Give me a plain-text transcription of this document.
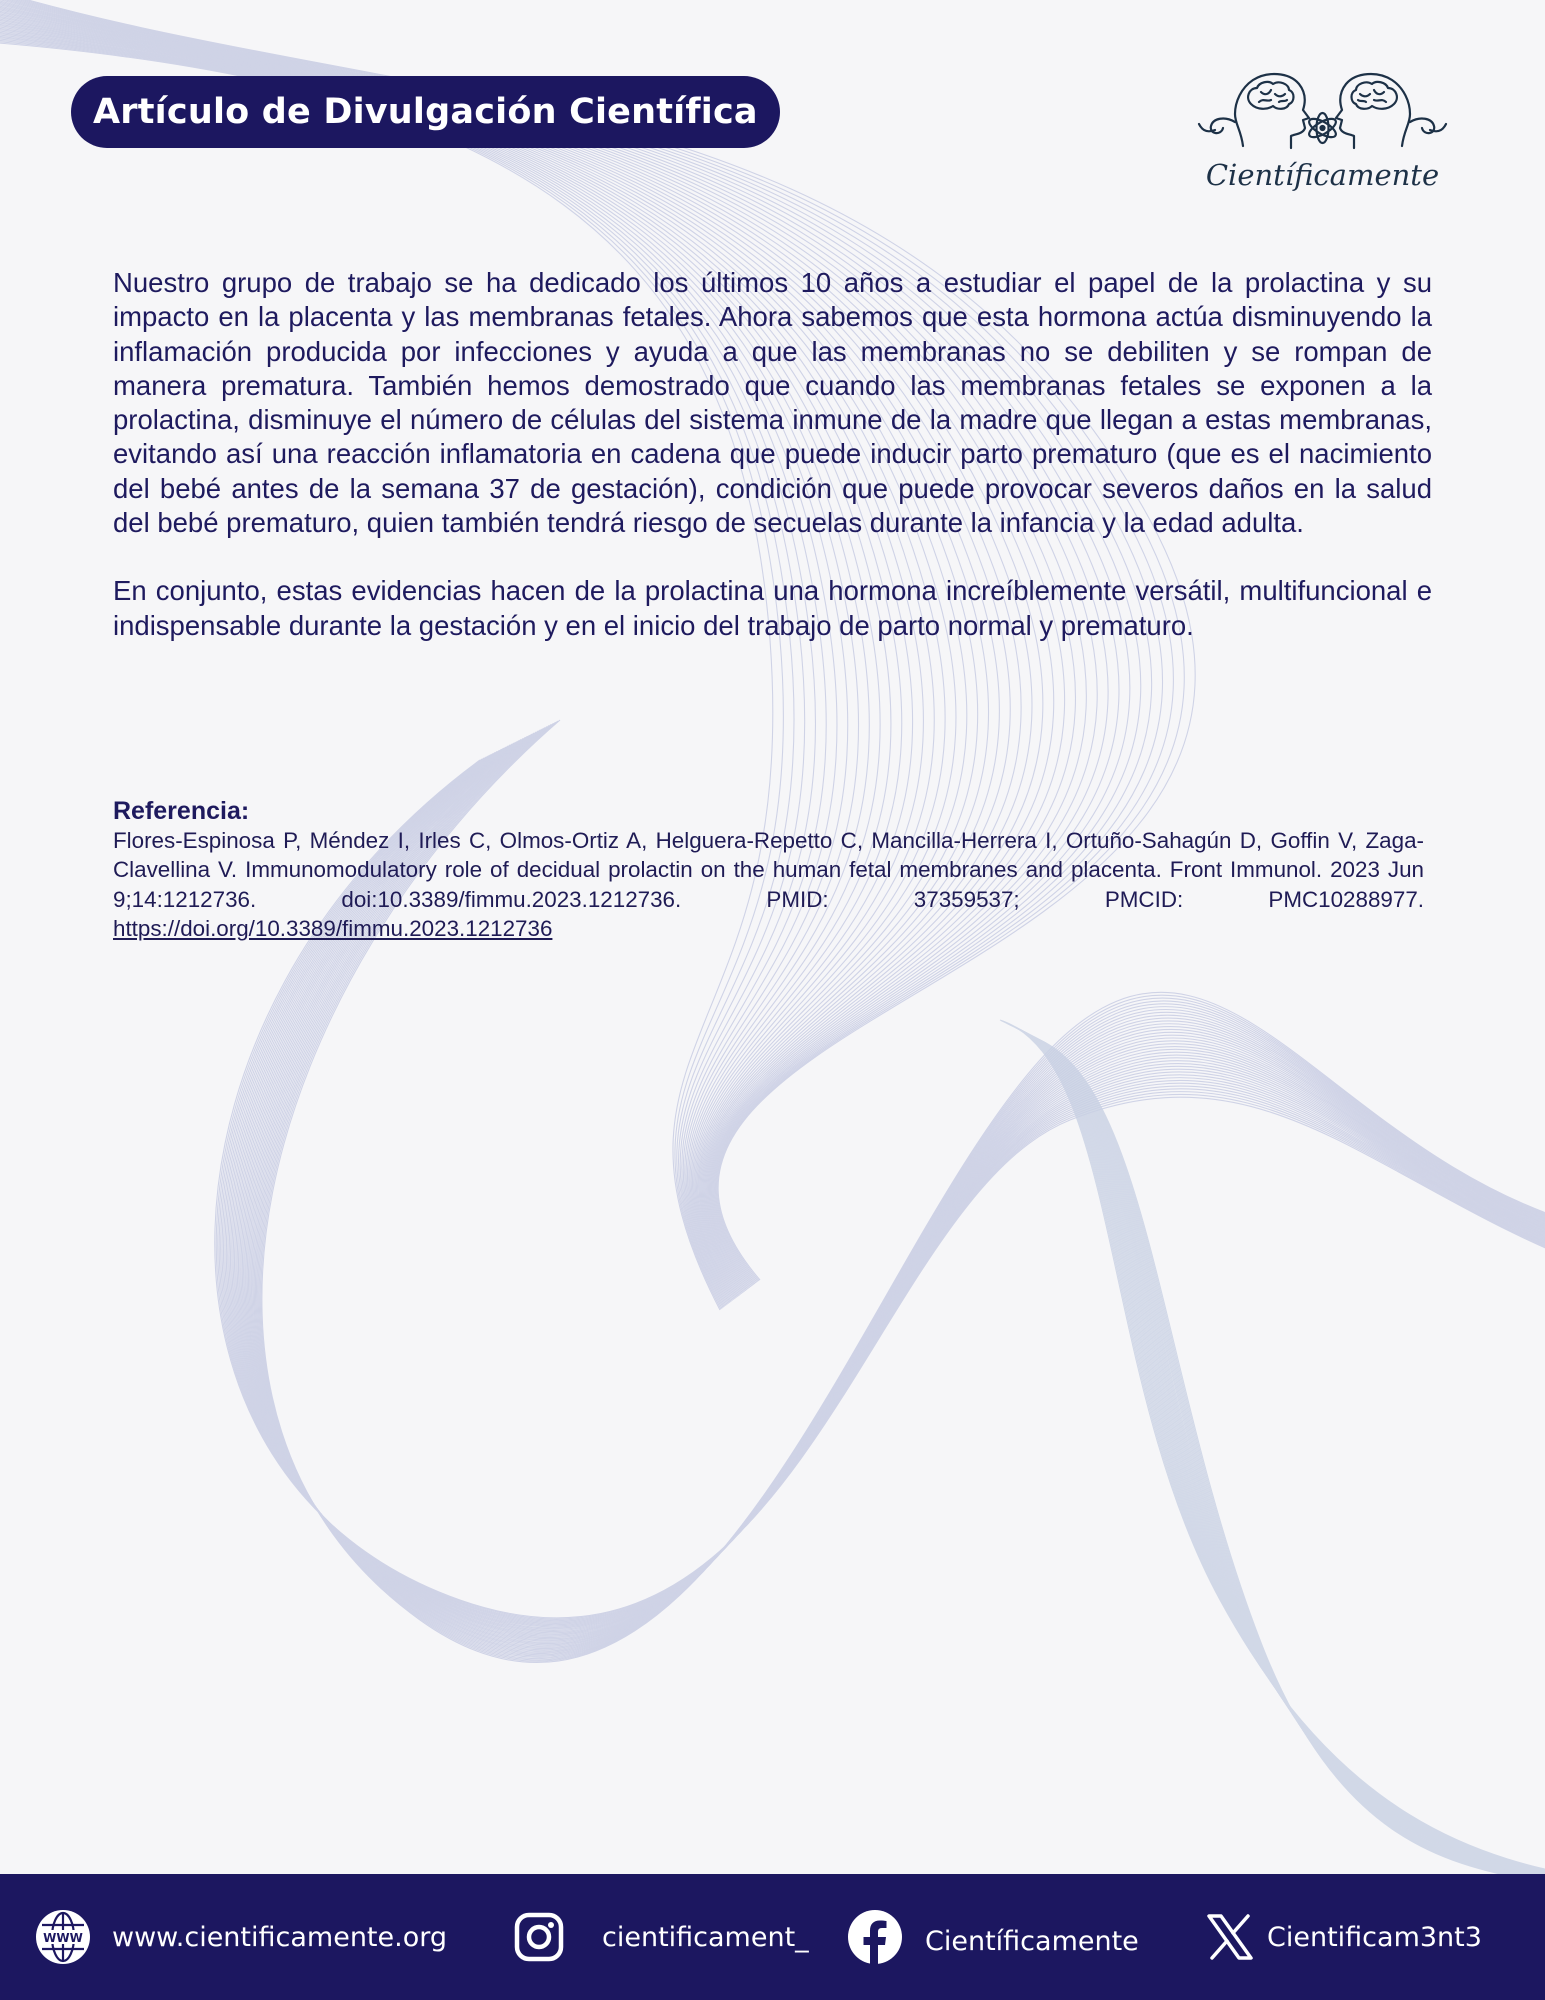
Artículo de Divulgación Científica
Científicamente

Nuestro grupo de trabajo se ha dedicado los últimos 10 años a estudiar el papel de la prolactina y su impacto en la placenta y las membranas fetales. Ahora sabemos que esta hormona actúa disminuyendo la inflamación producida por infecciones y ayuda a que las membranas no se debiliten y se rompan de manera prematura. También hemos demostrado que cuando las membranas fetales se exponen a la prolactina, disminuye el número de células del sistema inmune de la madre que llegan a estas membranas, evitando así una reacción inflamatoria en cadena que puede inducir parto prematuro (que es el nacimiento del bebé antes de la semana 37 de gestación), condición que puede provocar severos daños en la salud del bebé prematuro, quien también tendrá riesgo de secuelas durante la infancia y la edad adulta.

En conjunto, estas evidencias hacen de la prolactina una hormona increíblemente versátil, multifuncional e indispensable durante la gestación y en el inicio del trabajo de parto normal y prematuro.

Referencia:
Flores-Espinosa P, Méndez I, Irles C, Olmos-Ortiz A, Helguera-Repetto C, Mancilla-Herrera I, Ortuño-Sahagún D, Goffin V, Zaga-Clavellina V. Immunomodulatory role of decidual prolactin on the human fetal membranes and placenta. Front Immunol. 2023 Jun 9;14:1212736. doi:10.3389/fimmu.2023.1212736. PMID: 37359537; PMCID: PMC10288977. https://doi.org/10.3389/fimmu.2023.1212736
WWW www.cientificamente.org	cientificament_	Científicamente	Cientificam3nt3
